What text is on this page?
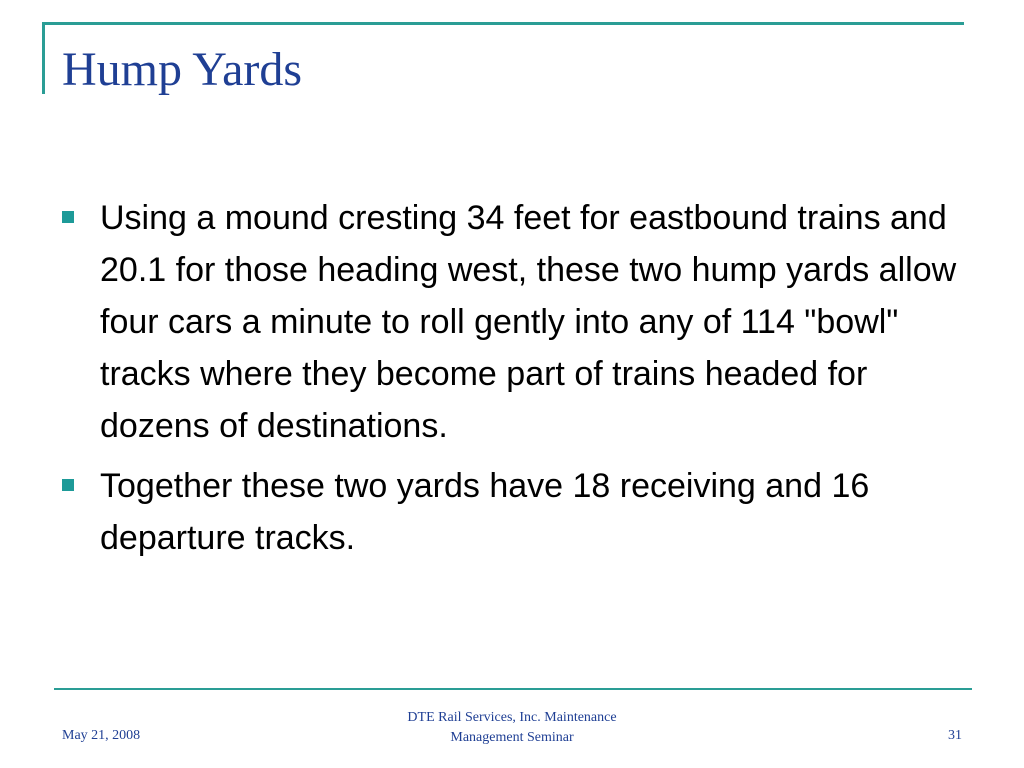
Hump Yards
Using a mound cresting 34 feet for eastbound trains and 20.1 for those heading west, these two hump yards allow four cars a minute to roll gently into any of 114 "bowl" tracks where they become part of trains headed for dozens of destinations.
Together these two yards have 18 receiving and 16 departure tracks.
May 21, 2008
DTE Rail Services, Inc. Maintenance
Management Seminar	31
